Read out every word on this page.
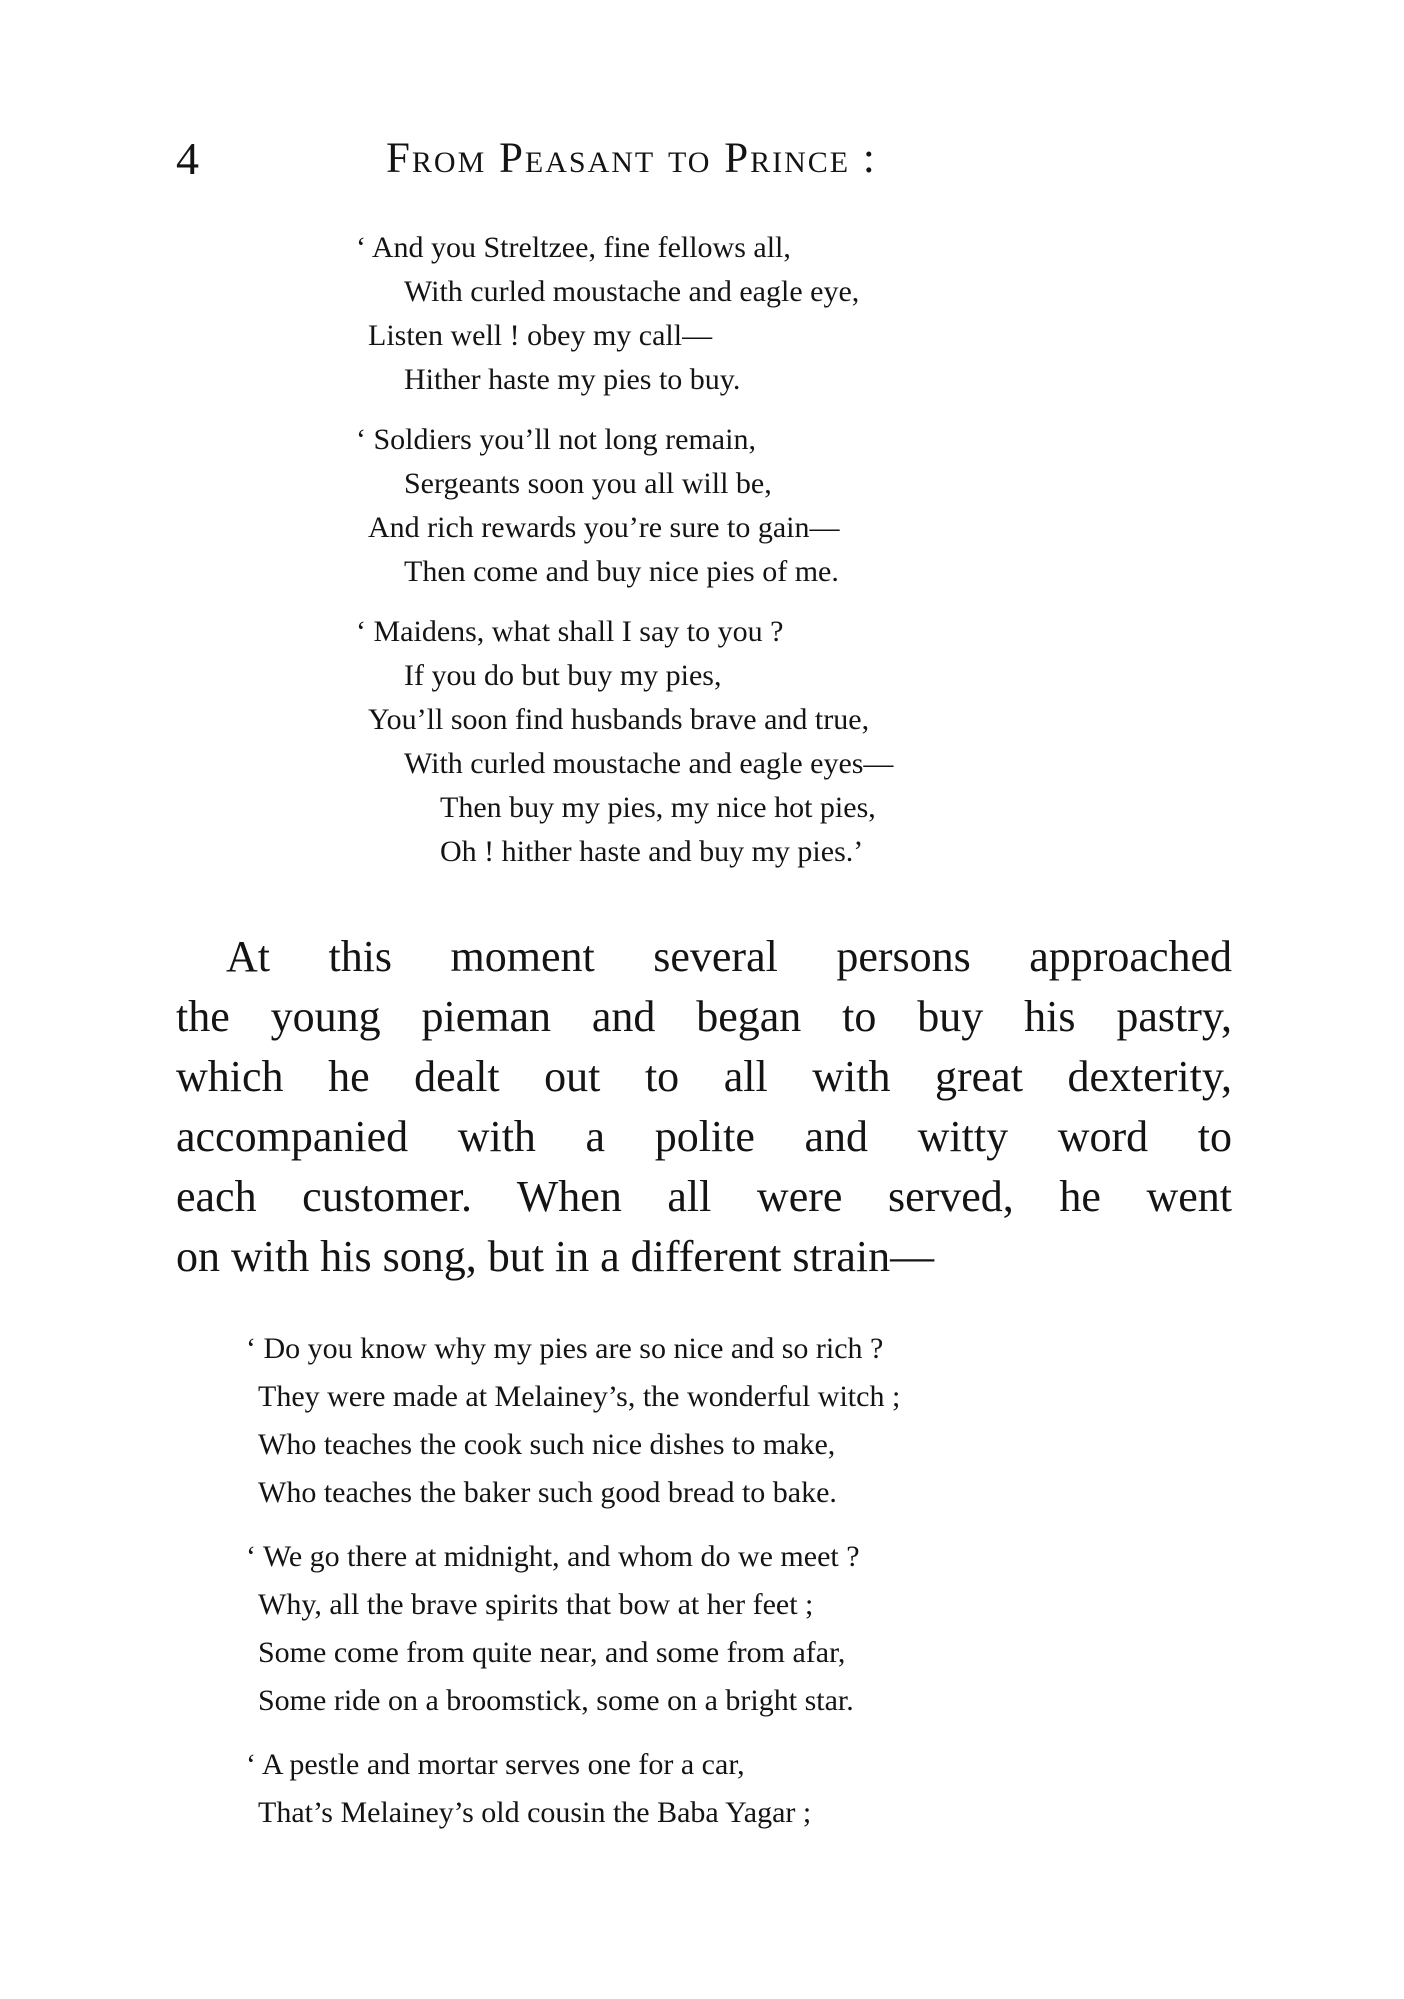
4	From Peasant to Prince :
‘ And you Streltzee, fine fellows all,
With curled moustache and eagle eye,
Listen well ! obey my call—
Hither haste my pies to buy.
‘ Soldiers you’ll not long remain,
Sergeants soon you all will be,
And rich rewards you’re sure to gain—
Then come and buy nice pies of me.
‘ Maidens, what shall I say to you ?
If you do but buy my pies,
You’ll soon find husbands brave and true,
With curled moustache and eagle eyes—
Then buy my pies, my nice hot pies,
Oh ! hither haste and buy my pies.’
At this moment several persons approached
the young pieman and began to buy his pastry,
which he dealt out to all with great dexterity,
accompanied with a polite and witty word to
each customer. When all were served, he went
on with his song, but in a different strain—
‘ Do you know why my pies are so nice and so rich ?
They were made at Melainey’s, the wonderful witch ;
Who teaches the cook such nice dishes to make,
Who teaches the baker such good bread to bake.
‘ We go there at midnight, and whom do we meet ?
Why, all the brave spirits that bow at her feet ;
Some come from quite near, and some from afar,
Some ride on a broomstick, some on a bright star.
‘ A pestle and mortar serves one for a car,
That’s Melainey’s old cousin the Baba Yagar ;
